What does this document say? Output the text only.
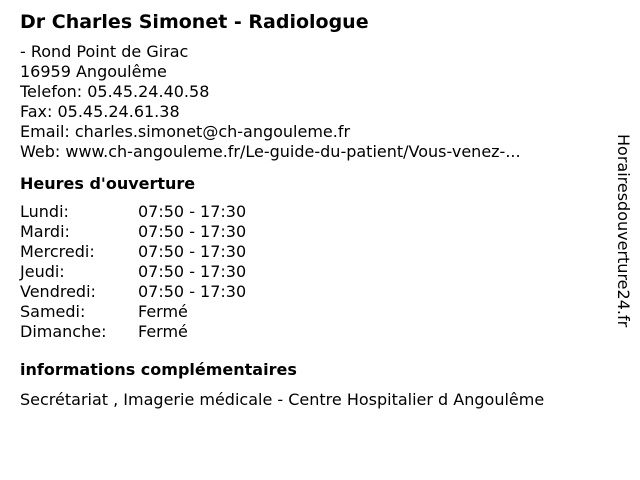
Dr Charles Simonet - Radiologue
- Rond Point de Girac
16959 Angoulême
Telefon: 05.45.24.40.58
Fax: 05.45.24.61.38
Email: charles.simonet@ch-angouleme.fr
Web: www.ch-angouleme.fr/Le-guide-du-patient/Vous-venez-...
Heures d'ouverture
Lundi:	07:50 - 17:30
Mardi:	07:50 - 17:30
Mercredi:	07:50 - 17:30
Jeudi:	07:50 - 17:30
Vendredi:	07:50 - 17:30
Samedi:	Fermé
Dimanche:	Fermé
informations complémentaires
Secrétariat , Imagerie médicale - Centre Hospitalier d Angoulême
Horairesdouverture24.fr
